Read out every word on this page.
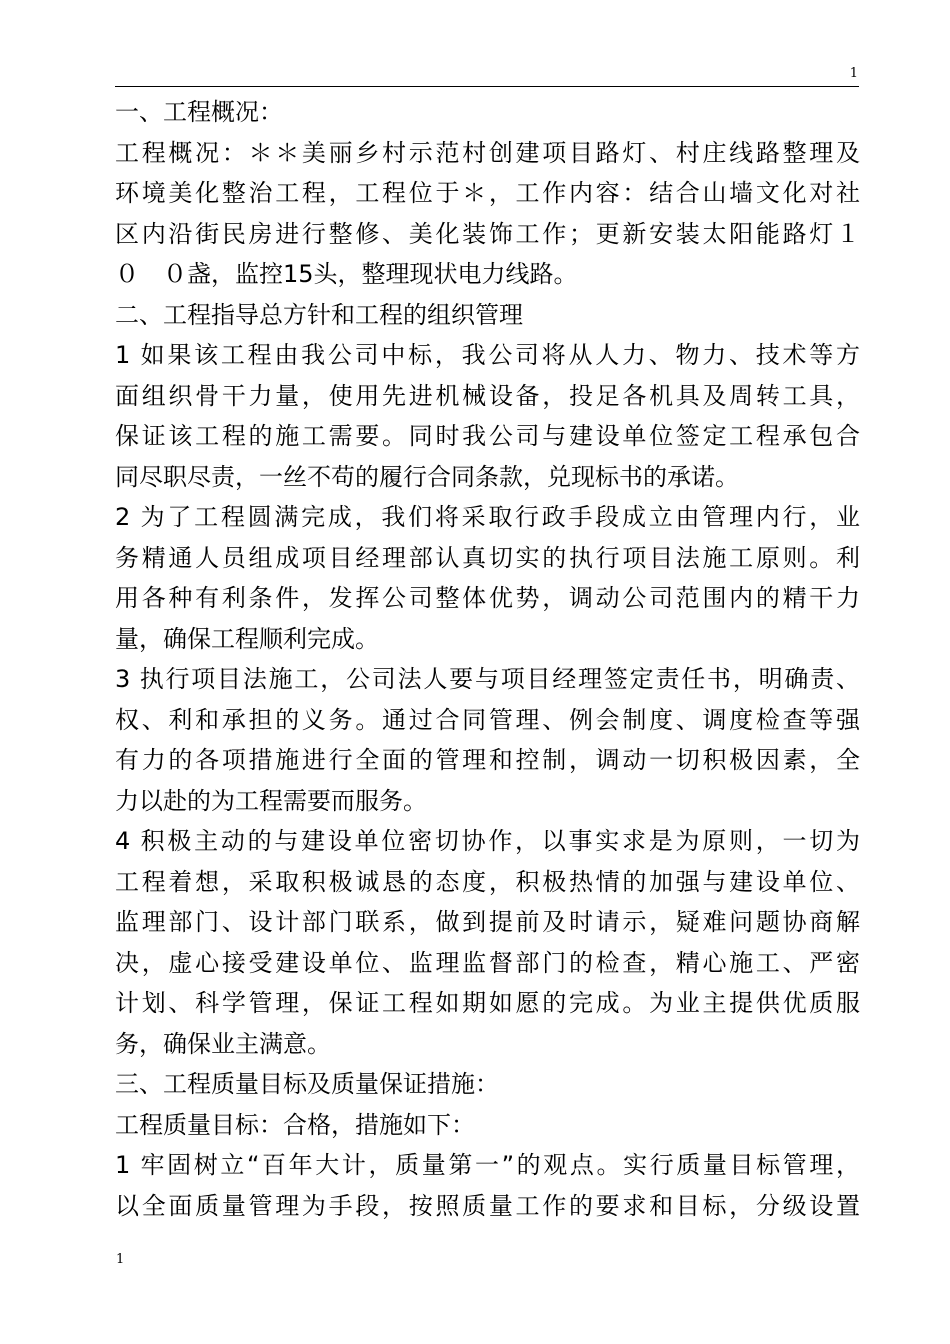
1
一、工程概况：
工程概况：＊＊美丽乡村示范村创建项目路灯、村庄线路整理及
环境美化整治工程，工程位于＊，工作内容：结合山墙文化对社
区内沿街民房进行整修、美化装饰工作；更新安装太阳能路灯１
０　０盏，监控15头，整理现状电力线路。
二、工程指导总方针和工程的组织管理
1 如果该工程由我公司中标，我公司将从人力、物力、技术等方
面组织骨干力量，使用先进机械设备，投足各机具及周转工具，
保证该工程的施工需要。同时我公司与建设单位签定工程承包合
同尽职尽责，一丝不苟的履行合同条款，兑现标书的承诺。
2 为了工程圆满完成，我们将采取行政手段成立由管理内行，业
务精通人员组成项目经理部认真切实的执行项目法施工原则。利
用各种有利条件，发挥公司整体优势，调动公司范围内的精干力
量，确保工程顺利完成。
3 执行项目法施工，公司法人要与项目经理签定责任书，明确责、
权、利和承担的义务。通过合同管理、例会制度、调度检查等强
有力的各项措施进行全面的管理和控制，调动一切积极因素，全
力以赴的为工程需要而服务。
4 积极主动的与建设单位密切协作，以事实求是为原则，一切为
工程着想，采取积极诚恳的态度，积极热情的加强与建设单位、
监理部门、设计部门联系，做到提前及时请示，疑难问题协商解
决，虚心接受建设单位、监理监督部门的检查，精心施工、严密
计划、科学管理，保证工程如期如愿的完成。为业主提供优质服
务，确保业主满意。
三、工程质量目标及质量保证措施：
工程质量目标：合格，措施如下：
1 牢固树立“百年大计，质量第一”的观点。实行质量目标管理，
以全面质量管理为手段，按照质量工作的要求和目标，分级设置
1
